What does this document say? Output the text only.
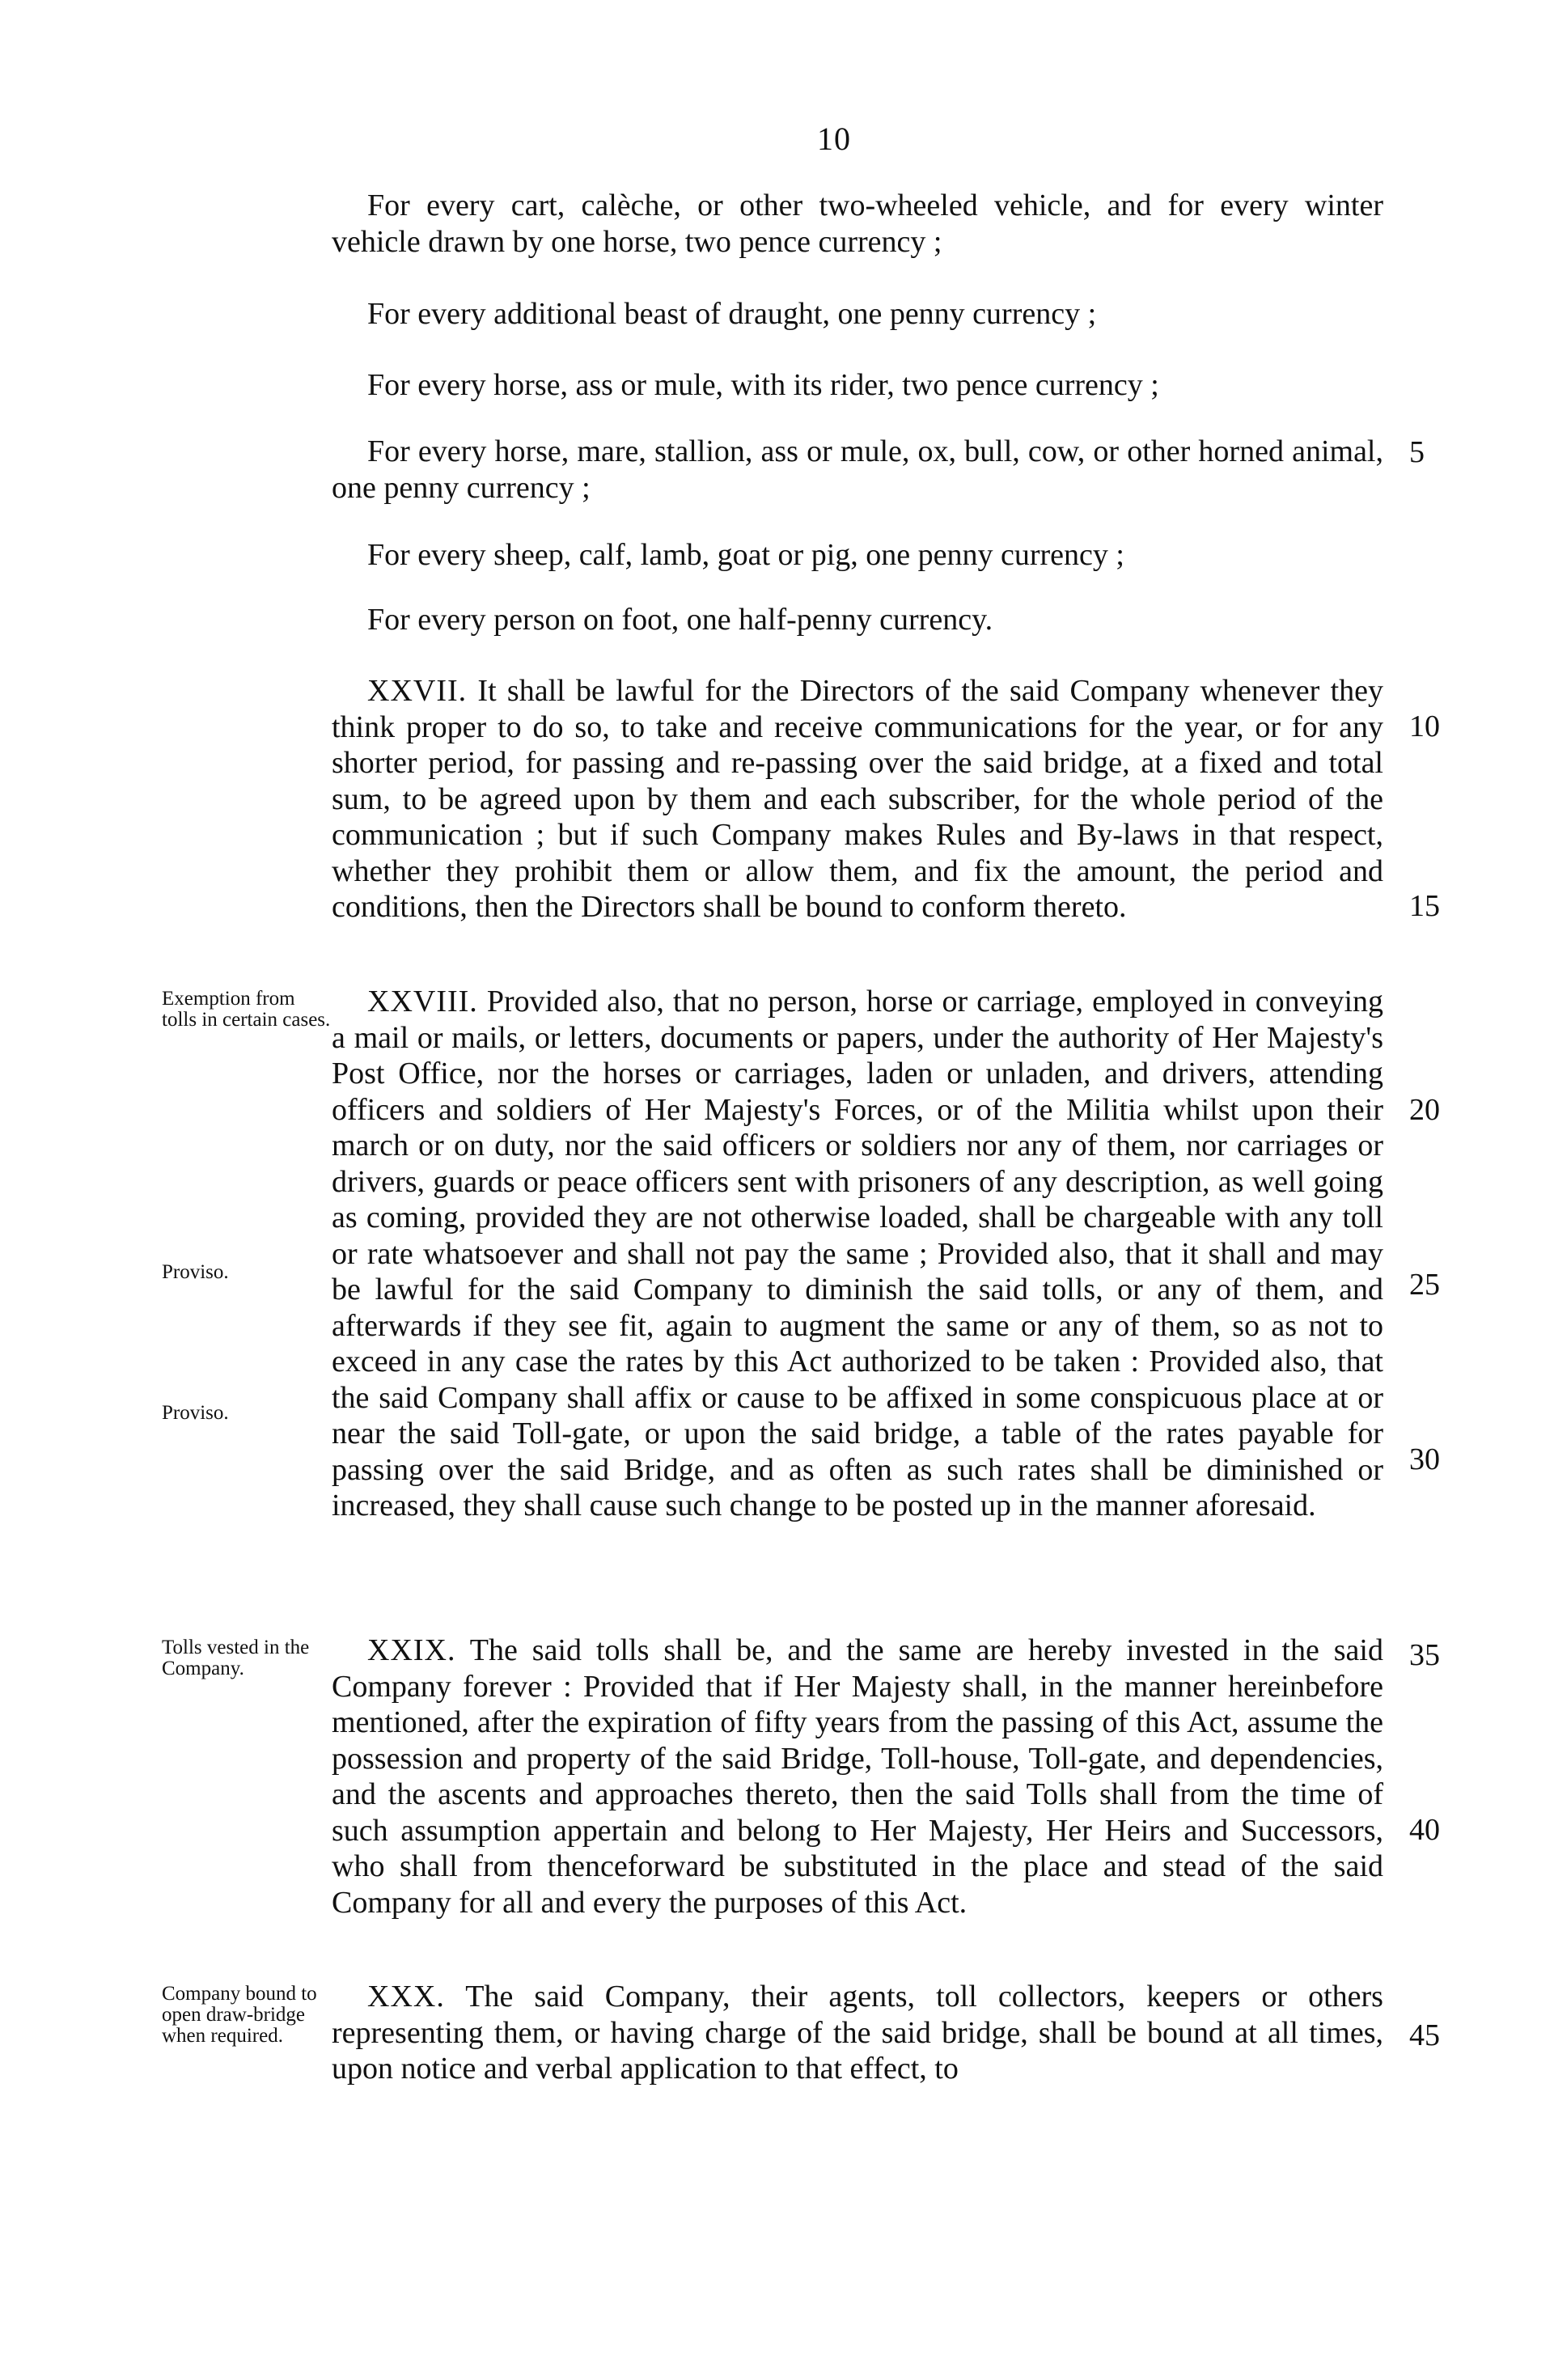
10

For every cart, calèche, or other two-wheeled vehicle, and for every winter vehicle drawn by one horse, two pence currency ;

For every additional beast of draught, one penny currency ;

For every horse, ass or mule, with its rider, two pence currency ;

For every horse, mare, stallion, ass or mule, ox, bull, cow, or other horned animal, one penny currency ;

For every sheep, calf, lamb, goat or pig, one penny currency ;

For every person on foot, one half-penny currency.

XXVII. It shall be lawful for the Directors of the said Company whenever they think proper to do so, to take and receive communications for the year, or for any shorter period, for passing and re-passing over the said bridge, at a fixed and total sum, to be agreed upon by them and each subscriber, for the whole period of the communication ; but if such Company makes Rules and By-laws in that respect, whether they prohibit them or allow them, and fix the amount, the period and conditions, then the Directors shall be bound to conform thereto.

XXVIII. Provided also, that no person, horse or carriage, employed in conveying a mail or mails, or letters, documents or papers, under the authority of Her Majesty's Post Office, nor the horses or carriages, laden or unladen, and drivers, attending officers and soldiers of Her Majesty's Forces, or of the Militia whilst upon their march or on duty, nor the said officers or soldiers nor any of them, nor carriages or drivers, guards or peace officers sent with prisoners of any description, as well going as coming, provided they are not otherwise loaded, shall be chargeable with any toll or rate whatsoever and shall not pay the same ; Provided also, that it shall and may be lawful for the said Company to diminish the said tolls, or any of them, and afterwards if they see fit, again to augment the same or any of them, so as not to exceed in any case the rates by this Act authorized to be taken : Provided also, that the said Company shall affix or cause to be affixed in some conspicuous place at or near the said Toll-gate, or upon the said bridge, a table of the rates payable for passing over the said Bridge, and as often as such rates shall be diminished or increased, they shall cause such change to be posted up in the manner aforesaid.

XXIX. The said tolls shall be, and the same are hereby invested in the said Company forever : Provided that if Her Majesty shall, in the manner hereinbefore mentioned, after the expiration of fifty years from the passing of this Act, assume the possession and property of the said Bridge, Toll-house, Toll-gate, and dependencies, and the ascents and approaches thereto, then the said Tolls shall from the time of such assumption appertain and belong to Her Majesty, Her Heirs and Successors, who shall from thenceforward be substituted in the place and stead of the said Company for all and every the purposes of this Act.

XXX. The said Company, their agents, toll collectors, keepers or others representing them, or having charge of the said bridge, shall be bound at all times, upon notice and verbal application to that effect, to

Exemption from tolls in certain cases.
Proviso.
Proviso.
Tolls vested in the Company.
Company bound to open draw-bridge when required.
5
10
15
20
25
30
35
40
45
